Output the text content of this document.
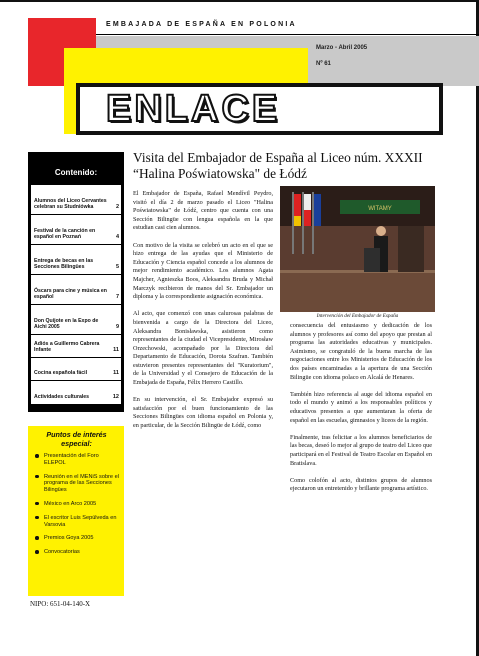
EMBAJADA DE ESPAÑA EN POLONIA
Marzo - Abril 2005
Nº 61
ENLACE
Contenido:
Alumnos del Liceo Cervantes celebran su Studniówka	2
Festival de la canción en español en Poznań	4
Entrega de becas en las Secciones Bilingües	5
Óscars para cine y música en español	7
Don Quijote en la Expo de Aichi 2005	9
Adiós a Guillermo Cabrera Infante	11
Cocina española fácil	11
Actividades culturales	12
Puntos de interés especial:
Presentación del Foro ELEPOL
Reunión en el MENiS sobre el programa de las Secciones Bilingües
México en Arco 2005
El escritor Luis Sepúlveda en Varsovia
Premios Goya 2005
Convocatorias
NIPO: 651-04-140-X
Visita del Embajador de España al Liceo núm. XXXII “Halina Poświatowska" de Łódź

El Embajador de España, Rafael Mendívil Peydro, visitó el día 2 de marzo pasado el Liceo "Halina Poświatowska" de Łódź, centro que cuenta con una Sección Bilingüe con lengua española en la que estudian casi cien alumnos.

Con motivo de la visita se celebró un acto en el que se hizo entrega de las ayudas que el Ministerio de Educación y Ciencia español concede a los alumnos de mejor rendimiento académico. Los alumnos Agata Majcher, Agnieszka Boos, Aleksandra Bruda y Michał Marczyk recibieron de manos del Sr. Embajador un diploma y la correspondiente asignación económica.

Al acto, que comenzó con unas calurosas palabras de bienvenida a cargo de la Directora del Liceo, Aleksandra Bonisławska, asistieron como representantes de la ciudad el Vicepresidente, Mirosław Orzechowski, acompañado por la Directora del Departamento de Educación, Dorota Szafran. También estuvieron presentes representantes del "Kuratorium", de la Universidad y el Consejero de Educación de la Embajada de España, Félix Herrero Castillo.

En su intervención, el Sr. Embajador expresó su satisfacción por el buen funcionamiento de las Secciones Bilingües con idioma español en Polonia y, en particular, de la Sección Bilingüe de Łódź, como

WITAMY
Intervención del Embajador de España

consecuencia del entusiasmo y dedicación de los alumnos y profesores así como del apoyo que prestan al programa las autoridades educativas y municipales. Asimismo, se congratuló de la buena marcha de las negociaciones entre los Ministerios de Educación de los dos países encaminadas a la apertura de una Sección Bilingüe con idioma polaco en Alcalá de Henares.

También hizo referencia al auge del idioma español en todo el mundo y animó a los responsables políticos y educativos presentes a que aumentaran la oferta de español en las escuelas, gimnasios y liceos de la región.

Finalmente, tras felicitar a los alumnos beneficiarios de las becas, deseó lo mejor al grupo de teatro del Liceo que participará en el Festival de Teatro Escolar en Español en Bratislava.

Como colofón al acto, distintos grupos de alumnos ejecutaron un entretenido y brillante programa artístico.
